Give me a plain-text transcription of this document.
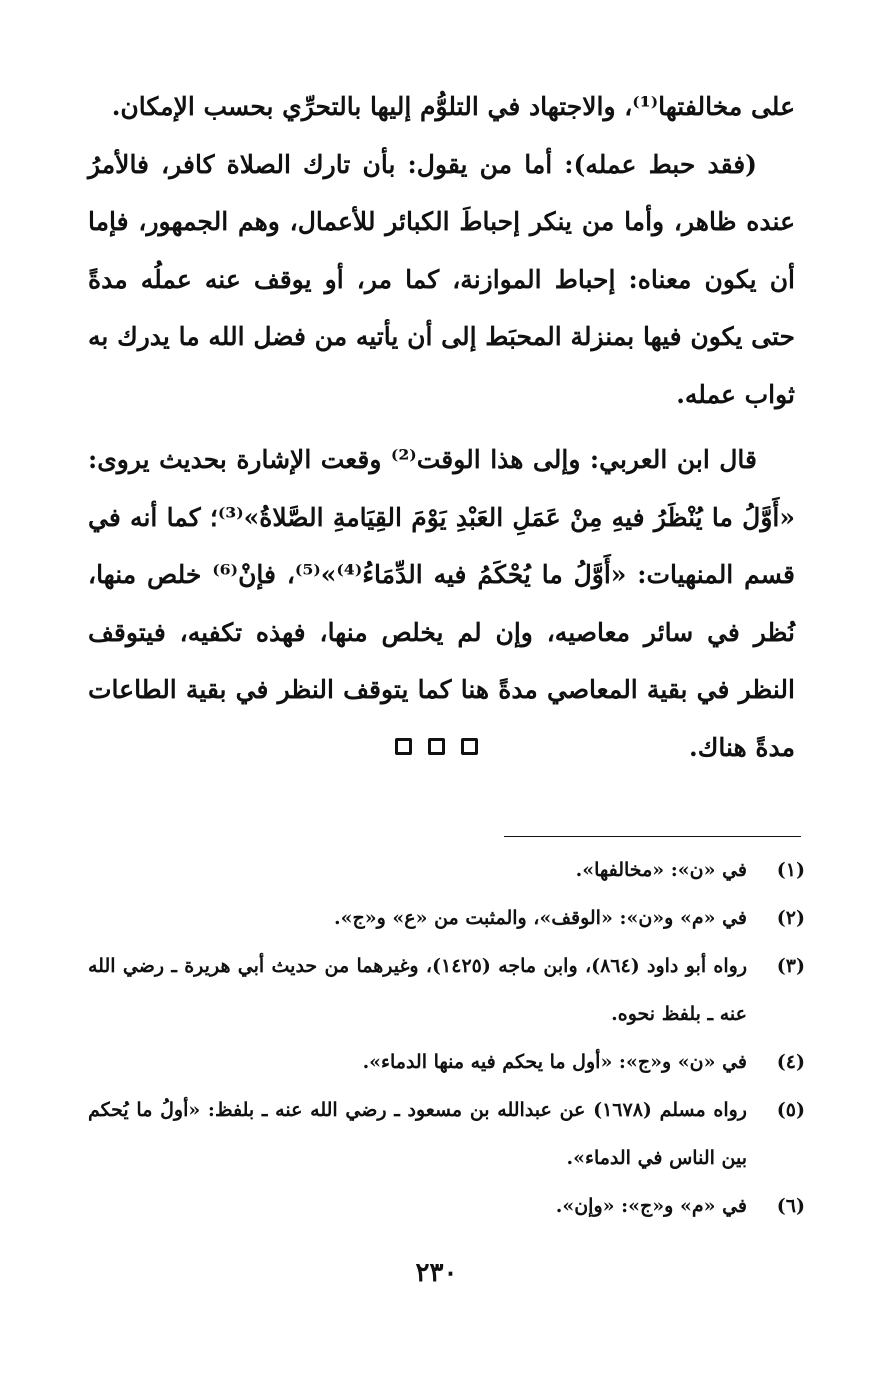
على مخالفتها⁽¹⁾، والاجتهاد في التلوُّم إليها بالتحرِّي بحسب الإمكان.

(فقد حبط عمله): أما من يقول: بأن تارك الصلاة كافر، فالأمرُ عنده ظاهر، وأما من ينكر إحباطَ الكبائر للأعمال، وهم الجمهور، فإما أن يكون معناه: إحباط الموازنة، كما مر، أو يوقف عنه عملُه مدةً حتى يكون فيها بمنزلة المحبَط إلى أن يأتيه من فضل الله ما يدرك به ثواب عمله.

قال ابن العربي: وإلى هذا الوقت⁽²⁾ وقعت الإشارة بحديث يروى: «أَوَّلُ ما يُنْظَرُ فيهِ مِنْ عَمَلِ العَبْدِ يَوْمَ القِيَامةِ الصَّلاةُ»⁽³⁾؛ كما أنه في قسم المنهيات: «أَوَّلُ ما يُحْكَمُ فيه الدِّمَاءُ⁽⁴⁾»⁽⁵⁾، فإنْ⁽⁶⁾ خلص منها، نُظر في سائر معاصيه، وإن لم يخلص منها، فهذه تكفيه، فيتوقف النظر في بقية المعاصي مدةً هنا كما يتوقف النظر في بقية الطاعات مدةً هناك.

(١)
في «ن»: «مخالفها».
(٢)
في «م» و«ن»: «الوقف»، والمثبت من «ع» و«ج».
(٣)
رواه أبو داود (٨٦٤)، وابن ماجه (١٤٢٥)، وغيرهما من حديث أبي هريرة ـ رضي الله عنه ـ بلفظ نحوه.
(٤)
في «ن» و«ج»: «أول ما يحكم فيه منها الدماء».
(٥)
رواه مسلم (١٦٧٨) عن عبدالله بن مسعود ـ رضي الله عنه ـ بلفظ: «أولُ ما يُحكم بين الناس في الدماء».
(٦)
في «م» و«ج»: «وإن».
٢٣٠
